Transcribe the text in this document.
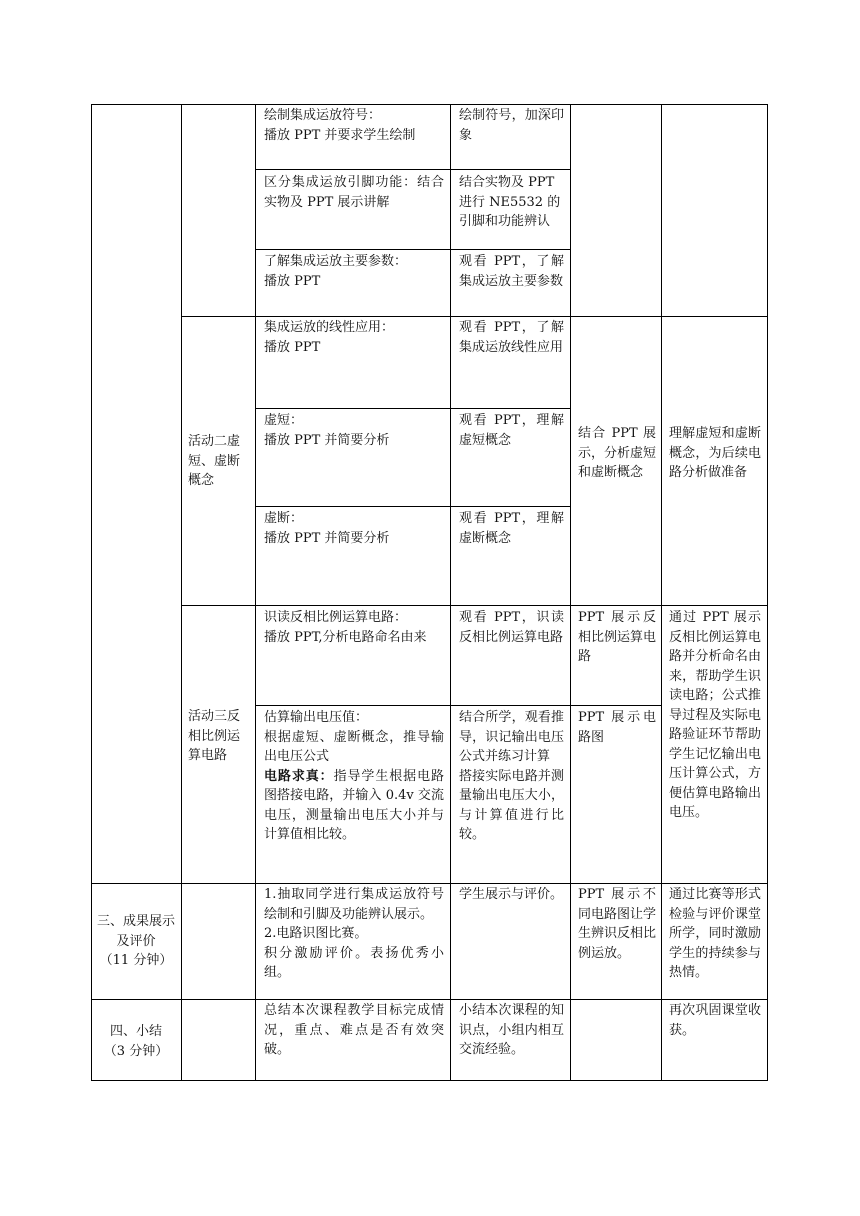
绘制集成运放符号：
播放 PPT 并要求学生绘制
绘制符号，加深印象
区分集成运放引脚功能：结合实物及 PPT 展示讲解
结合实物及 PPT 进行 NE5532 的引脚和功能辨认
了解集成运放主要参数：
播放 PPT
观看 PPT，了解集成运放主要参数
活动二虚短、虚断概念
集成运放的线性应用：
播放 PPT
观看 PPT，了解集成运放线性应用
虚短：
播放 PPT 并简要分析
观看 PPT，理解虚短概念
虚断：
播放 PPT 并简要分析
观看 PPT，理解虚断概念
结合 PPT 展示，分析虚短和虚断概念
理解虚短和虚断概念，为后续电路分析做准备
活动三反相比例运算电路
识读反相比例运算电路：
播放 PPT,分析电路命名由来
观看 PPT，识读反相比例运算电路
PPT 展示反相比例运算电路
估算输出电压值：
根据虚短、虚断概念，推导输出电压公式
电路求真：指导学生根据电路图搭接电路，并输入 0.4v 交流电压，测量输出电压大小并与计算值相比较。
结合所学，观看推导，识记输出电压公式并练习计算
搭接实际电路并测量输出电压大小，与计算值进行比较。
PPT 展示电路图
通过 PPT 展示反相比例运算电路并分析命名由来，帮助学生识读电路；公式推导过程及实际电路验证环节帮助学生记忆输出电压计算公式，方便估算电路输出电压。
三、成果展示及评价
（11 分钟）
1.抽取同学进行集成运放符号绘制和引脚及功能辨认展示。
2.电路识图比赛。
积分激励评价。表扬优秀小组。
学生展示与评价。 PPT 展示不同电路图让学生辨识反相比例运放。
通过比赛等形式检验与评价课堂所学，同时激励学生的持续参与热情。
四、小结
（3 分钟）
总结本次课程教学目标完成情况，重点、难点是否有效突破。
小结本次课程的知识点，小组内相互交流经验。
再次巩固课堂收获。
